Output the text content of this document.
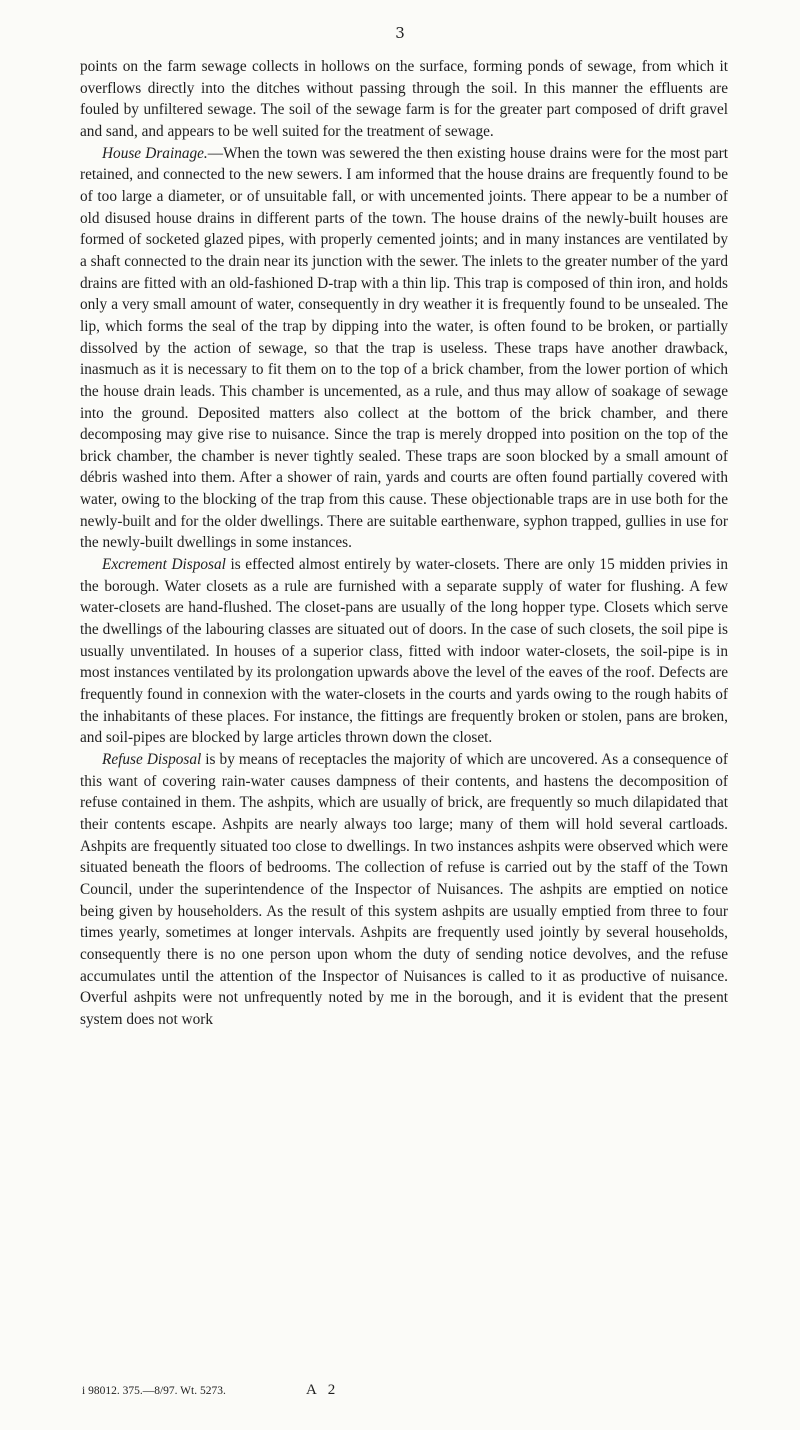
3

points on the farm sewage collects in hollows on the surface, forming ponds of sewage, from which it overflows directly into the ditches without passing through the soil. In this manner the effluents are fouled by unfiltered sewage. The soil of the sewage farm is for the greater part composed of drift gravel and sand, and appears to be well suited for the treatment of sewage.

House Drainage.—When the town was sewered the then existing house drains were for the most part retained, and connected to the new sewers. I am informed that the house drains are frequently found to be of too large a diameter, or of unsuitable fall, or with uncemented joints. There appear to be a number of old disused house drains in different parts of the town. The house drains of the newly-built houses are formed of socketed glazed pipes, with properly cemented joints; and in many instances are ventilated by a shaft connected to the drain near its junction with the sewer. The inlets to the greater number of the yard drains are fitted with an old-fashioned D-trap with a thin lip. This trap is composed of thin iron, and holds only a very small amount of water, consequently in dry weather it is frequently found to be unsealed. The lip, which forms the seal of the trap by dipping into the water, is often found to be broken, or partially dissolved by the action of sewage, so that the trap is useless. These traps have another drawback, inasmuch as it is necessary to fit them on to the top of a brick chamber, from the lower portion of which the house drain leads. This chamber is uncemented, as a rule, and thus may allow of soakage of sewage into the ground. Deposited matters also collect at the bottom of the brick chamber, and there decomposing may give rise to nuisance. Since the trap is merely dropped into position on the top of the brick chamber, the chamber is never tightly sealed. These traps are soon blocked by a small amount of débris washed into them. After a shower of rain, yards and courts are often found partially covered with water, owing to the blocking of the trap from this cause. These objectionable traps are in use both for the newly-built and for the older dwellings. There are suitable earthenware, syphon trapped, gullies in use for the newly-built dwellings in some instances.

Excrement Disposal is effected almost entirely by water-closets. There are only 15 midden privies in the borough. Water closets as a rule are furnished with a separate supply of water for flushing. A few water-closets are hand-flushed. The closet-pans are usually of the long hopper type. Closets which serve the dwellings of the labouring classes are situated out of doors. In the case of such closets, the soil pipe is usually unventilated. In houses of a superior class, fitted with indoor water-closets, the soil-pipe is in most instances ventilated by its prolongation upwards above the level of the eaves of the roof. Defects are frequently found in connexion with the water-closets in the courts and yards owing to the rough habits of the inhabitants of these places. For instance, the fittings are frequently broken or stolen, pans are broken, and soil-pipes are blocked by large articles thrown down the closet.

Refuse Disposal is by means of receptacles the majority of which are uncovered. As a consequence of this want of covering rain-water causes dampness of their contents, and hastens the decomposition of refuse contained in them. The ashpits, which are usually of brick, are frequently so much dilapidated that their contents escape. Ashpits are nearly always too large; many of them will hold several cartloads. Ashpits are frequently situated too close to dwellings. In two instances ashpits were observed which were situated beneath the floors of bedrooms. The collection of refuse is carried out by the staff of the Town Council, under the superintendence of the Inspector of Nuisances. The ashpits are emptied on notice being given by householders. As the result of this system ashpits are usually emptied from three to four times yearly, sometimes at longer intervals. Ashpits are frequently used jointly by several households, consequently there is no one person upon whom the duty of sending notice devolves, and the refuse accumulates until the attention of the Inspector of Nuisances is called to it as productive of nuisance. Overful ashpits were not unfrequently noted by me in the borough, and it is evident that the present system does not work

i 98012. 375.—8/97. Wt. 5273.	A 2
